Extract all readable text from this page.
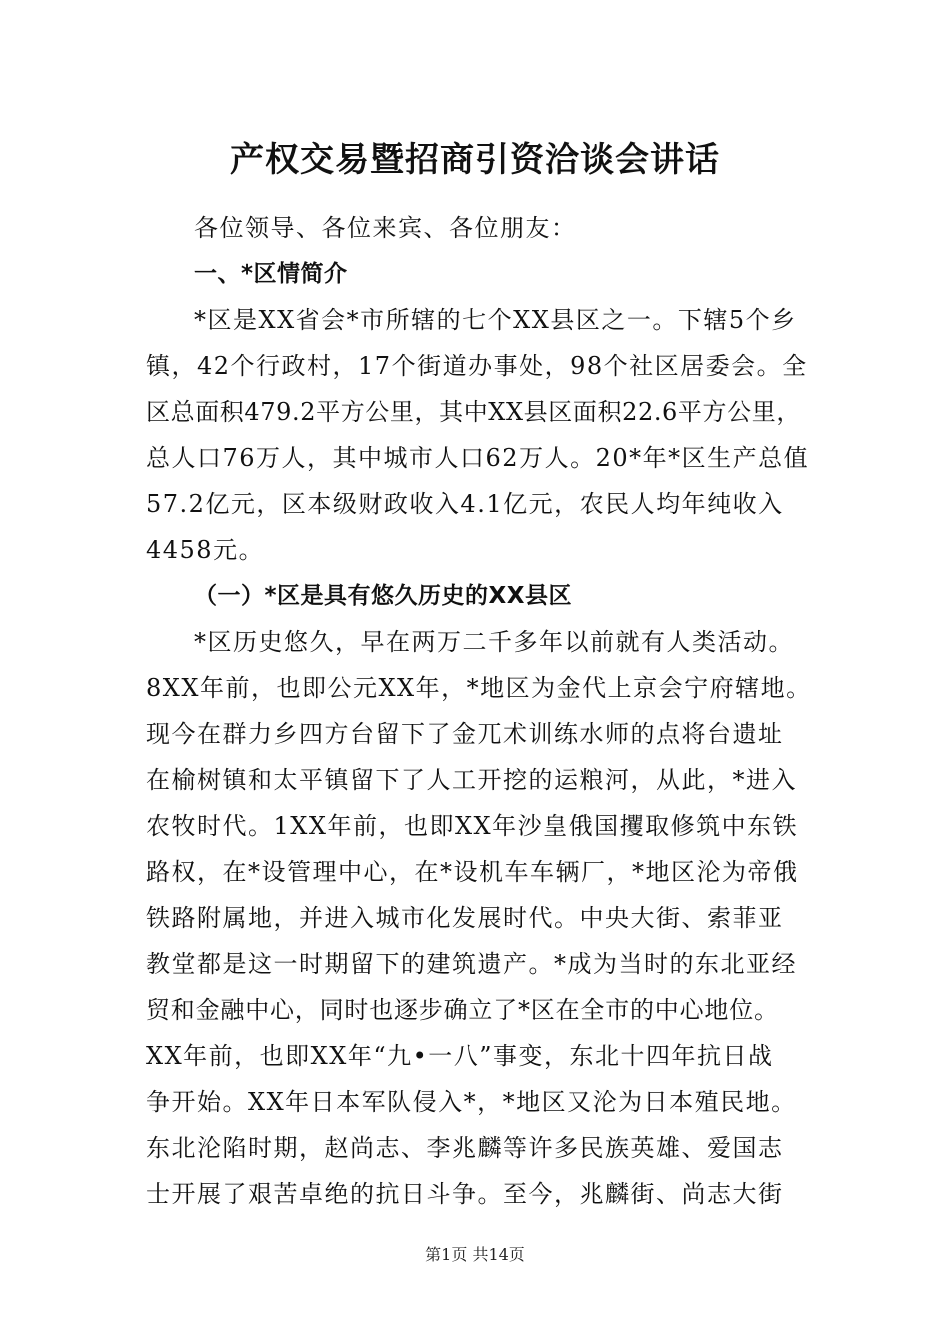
产权交易暨招商引资洽谈会讲话
各位领导、各位来宾、各位朋友：
一、*区情简介
*区是XX省会*市所辖的七个XX县区之一。下辖5个乡
镇，42个行政村，17个街道办事处，98个社区居委会。全
区总面积479.2平方公里，其中XX县区面积22.6平方公里，
总人口76万人，其中城市人口62万人。20*年*区生产总值
57.2亿元，区本级财政收入4.1亿元，农民人均年纯收入
4458元。
（一）*区是具有悠久历史的XX县区
*区历史悠久，早在两万二千多年以前就有人类活动。
8XX年前，也即公元XX年，*地区为金代上京会宁府辖地。
现今在群力乡四方台留下了金兀术训练水师的点将台遗址
在榆树镇和太平镇留下了人工开挖的运粮河，从此，*进入
农牧时代。1XX年前，也即XX年沙皇俄国攫取修筑中东铁
路权，在*设管理中心，在*设机车车辆厂，*地区沦为帝俄
铁路附属地，并进入城市化发展时代。中央大街、索菲亚
教堂都是这一时期留下的建筑遗产。*成为当时的东北亚经
贸和金融中心，同时也逐步确立了*区在全市的中心地位。
XX年前，也即XX年“九•一八”事变，东北十四年抗日战
争开始。XX年日本军队侵入*，*地区又沦为日本殖民地。
东北沦陷时期，赵尚志、李兆麟等许多民族英雄、爱国志
士开展了艰苦卓绝的抗日斗争。至今，兆麟街、尚志大街
第1页 共14页
